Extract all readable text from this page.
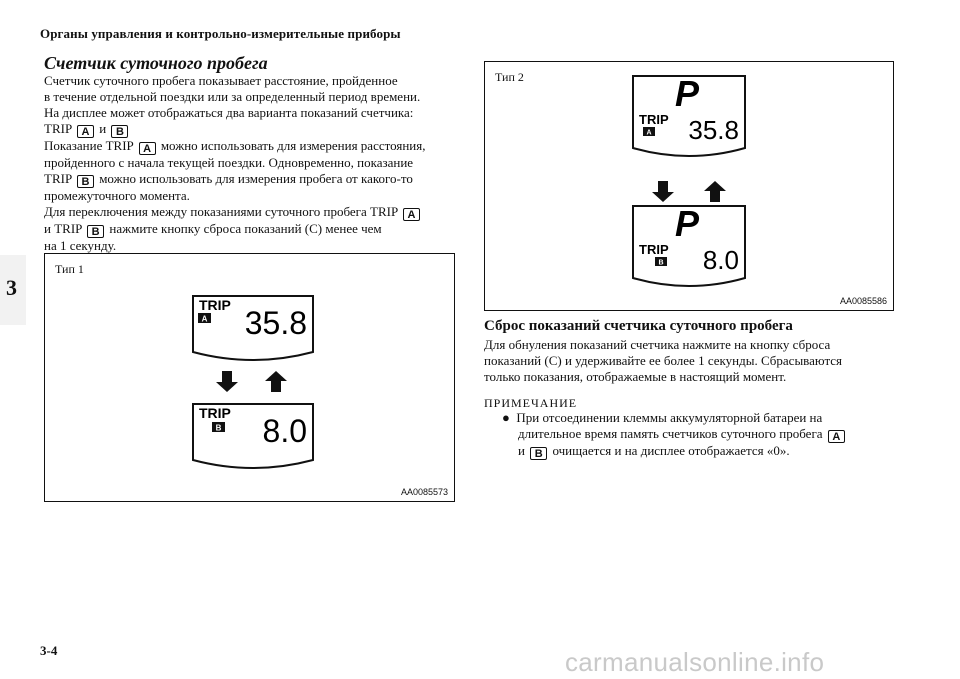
Органы управления и контрольно-измерительные приборы
3
3-4	carmanualsonline.info
Счетчик суточного пробега
Счетчик суточного пробега показывает расстояние, пройденное
в течение отдельной поездки или за определенный период времени.
На дисплее может отображаться два варианта показаний счетчика:
TRIP A и B
Показание TRIP A можно использовать для измерения расстояния,
пройденного с начала текущей поездки. Одновременно, показание
TRIP B можно использовать для измерения пробега от какого-то
промежуточного момента.
Для переключения между показаниями суточного пробега TRIP A
и TRIP B нажмите кнопку сброса показаний (C) менее чем
на 1 секунду.
Тип 1
AA0085573
TRIP
A 35.8
TRIP
B 8.0
Тип 2
AA0085586
P
TRIP
A 35.8
P
TRIP
B 8.0
Сброс показаний счетчика суточного пробега
Для обнуления показаний счетчика нажмите на кнопку сброса
показаний (C) и удерживайте ее более 1 секунды. Сбрасываются
только показания, отображаемые в настоящий момент.
ПРИМЕЧАНИЕ
● При отсоединении клеммы аккумуляторной батареи на
длительное время память счетчиков суточного пробега A
и B очищается и на дисплее отображается «0».
